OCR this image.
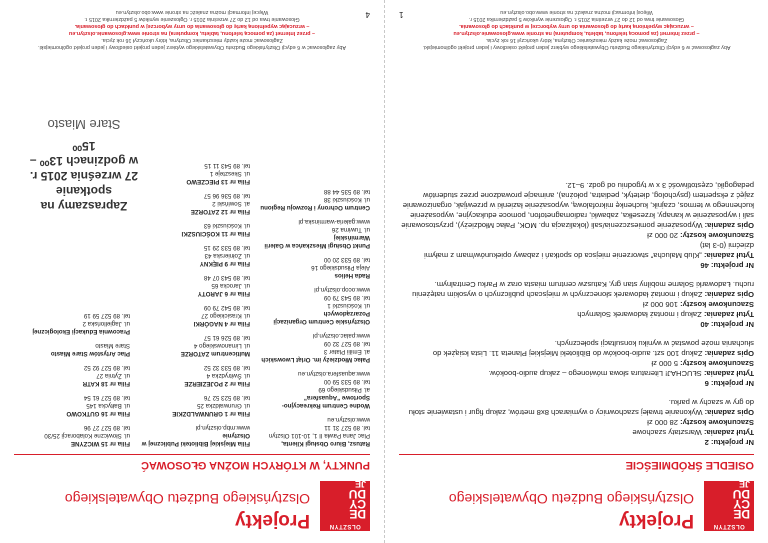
OLSZTYN
DE
CY
DU
JE
Projekty
Olsztyńskiego Budżetu Obywatelskiego
OSIEDLE ŚRÓDMIEŚCIE
Nr projektu: 2
Tytuł zadania: Warsztaty szachowe
Szacunkowe koszty: 28 000 zł
Opis zadania: Wykonanie trwałej szachownicy o wymiarach 8x8 metrów, zakup figur i ustawienie stołu do gry w szachy w parku.
Nr projektu: 6
Tytuł zadania: SŁUCHAJ! Literatura słowa mówionego – zakup audio-booków.
Szacunkowe koszty: 5 000 zł
Opis zadania: Zakup 100 szt. audio-booków do Biblioteki Miejskiej Planeta 11. Lista książek do słuchania może powstać w wyniku konsultacji społecznych.
Nr projektu: 40
Tytuł zadania: Zakup i montaż ładowarek Solarnych
Szacunkowe koszty: 106 000 zł
Opis zadania: Zakup i montaż ładowarek słonecznych w miejscach publicznych o wysokim natężeniu ruchu. Ładowarki Solarne mobilny stan gry, Katuszw centrum miasta oraz w Parku Centralnym.
Nr projektu: 46
Tytuł zadania: „Klub Malucha” stworzenie miejsca do spotkań i zabawy opiekunów/mam z małymi dziećmi (0-3 lat)
Szacunkowe koszty: 20 000 zł
Opis zadania: Wyposażenie pomieszczenia/sali (lokalizacja np. MOK, Pałac Młodzieży), przystosowanie sali i wyposażenie w kanapy, krzesełka, zabawki, radiomagnetofon, pomoce edukacyjne, wyposażenie kuchennego w termos, czajnik, kuchenkę mikrofalową, wyposażenie łazienki w przewijak, organizowanie zajęć z ekspertem (psycholog, dietetyk, pediatra, położna), animacje prowadzone przez studentów pedagogiki, częstotliwość 3 x w tygodniu od godz. 9–12.
Aby zagłosować w 6 edycji Olsztyńskiego Budżetu Obywatelskiego wybierz jeden projekt osiedlowy i jeden projekt ogólnomiejski.
Zagłosować może każdy mieszkaniec Olsztyna, który ukończył 16 rok życia.
– przez Internet (za pomocą telefonu, tabletu, komputera) na stronie www.glosowanie.olsztyn.eu
– wrzucając wypełnioną kartę do głosowania do urny wyborczej w punktach do głosowania.
Głosowanie trwa od 12 do 27 września 2015 r. Ogłoszenie wyników 5 października 2015 r.
Więcej informacji można znaleźć na stronie www.obo.olsztyn.eu
1
OLSZTYN
DE
CY
DU
JE
Projekty
Olsztyńskiego Budżetu Obywatelskiego
PUNKTY, W KTÓRYCH MOŻNA GŁOSOWAĆ
Ratusz, Biuro Obsługi Klienta,
Plac Jana Pawła II 1, 10-101 Olsztyn
tel. 89 527 31 11
www.olsztyn.eu
Wodne Centrum Rekreacyjno-Sportowe "Aquasfera"
al. Piłsudskiego 69
tel. 89 533 59 00
www.aquasfera.olsztyn.eu
Pałac Młodzieży im. Orląt Lwowskich
al. Emilii Plater 3
tel. 89 527 32 09
www.palac.olsztyn.pl
Olsztyńskie Centrum Organizacji Pozarządowych
ul. Kościuszki 1
tel. 89 543 79 09
www.ocop.olsztyn.pl
Rada Helios
Aleja Piłsudskiego 16
tel. 89 533 20 00
Punkt Obsługi Mieszkańca w Galerii Warmińskiej
ul. Tuwima 26
www.galeria-warminska.pl
Centrum Ochrony i Rozwoju Regionu
ul. Kościuszki 38
tel. 89 535 44 88
Filia Miejskiej Biblioteki Publicznej w Olsztynie
www.mbp.olsztyn.pl
Filia nr 1 GRUNWALDZKIE
ul. Grunwaldzka 25
tel. 89 523 52 76
Filia nr 2 POJEZIERZE
ul. Świtrydzka 4
tel. 89 533 32 52
Multicentrum ZATORZE
ul. Limanowskiego 4
tel. 89 526 61 57
Filia nr 4 NAGÓRKI
ul. Krasickiego 27
tel. 89 542 79 09
Filia nr 6 JAROTY
ul. Jarocka 65
tel. 89 543 07 48
Filia nr 9 PIĘKNY
ul. Żołnierska 43
tel. 89 533 29 15
Filia nr 11 KOŚCIUSZKI
ul. Kościuszki 63
Filia nr 12 ZATORZE
al. Sowiński 2
tel. 89 536 96 57
Filia nr 13 PIECZEWO
ul. Skeszteje 1
tel. 89 543 11 15
Filia nr 15 WICZYNE
ul. Słowiczne Kolaboracji 25/30
tel. 89 527 27 96
Filia nr 16 GUTKOWO
ul. Bałtycka 145
tel. 89 527 61 54
Filia nr 18 KATR
ul. Żytnia 27
tel. 89 527 92 52
Plac Artystów Stare Miasto
Stare Miasto
Pracownia Edukacji Ekologicznej
ul. Jagiellońska 2
tel. 89 527 59 19
Zapraszamy na spotkanie
27 września 2015 r.
w godzinach 13⁰⁰ – 15⁰⁰
Stare Miasto
Aby zagłosować w 6 edycji Olsztyńskiego Budżetu Obywatelskiego wybierz jeden projekt osiedlowy i jeden projekt ogólnomiejski.
Zagłosować może każdy mieszkaniec Olsztyna, który ukończył 16 rok życia.
– przez Internet (za pomocą telefonu, tabletu, komputera) na stronie www.glosowanie.olsztyn.eu
– wrzucając wypełnioną kartę do głosowania do urny wyborczej w punktach do głosowania.
Głosowanie trwa od 12 do 27 września 2015 r. Ogłoszenie wyników 5 października 2015 r.
Więcej informacji można znaleźć na stronie www.obo.olsztyn.eu	4
